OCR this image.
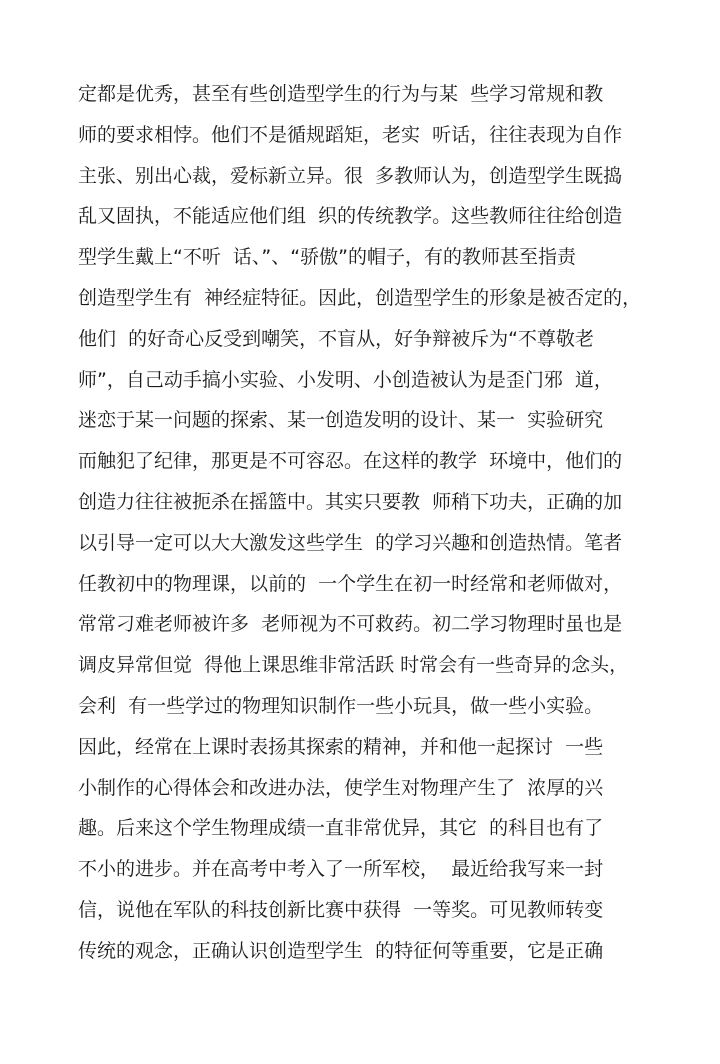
定都是优秀，甚至有些创造型学生的行为与某  些学习常规和教
师的要求相悖。他们不是循规蹈矩，老实  听话，往往表现为自作
主张、别出心裁，爱标新立异。很  多教师认为，创造型学生既捣
乱又固执，不能适应他们组  织的传统教学。这些教师往往给创造
型学生戴上“不听  话、”、“骄傲”的帽子，有的教师甚至指责
创造型学生有  神经症特征。因此，创造型学生的形象是被否定的，
他们  的好奇心反受到嘲笑，不盲从，好争辩被斥为“不尊敬老
师”，自己动手搞小实验、小发明、小创造被认为是歪门邪  道，
迷恋于某一问题的探索、某一创造发明的设计、某一  实验研究
而触犯了纪律，那更是不可容忍。在这样的教学  环境中，他们的
创造力往往被扼杀在摇篮中。其实只要教  师稍下功夫，正确的加
以引导一定可以大大激发这些学生  的学习兴趣和创造热情。笔者
任教初中的物理课，以前的  一个学生在初一时经常和老师做对，
常常刁难老师被许多  老师视为不可救药。初二学习物理时虽也是
调皮异常但觉  得他上课思维非常活跃 时常会有一些奇异的念头，
会利  有一些学过的物理知识制作一些小玩具，做一些小实验。
因此，经常在上课时表扬其探索的精神，并和他一起探讨  一些
小制作的心得体会和改进办法，使学生对物理产生了  浓厚的兴
趣。后来这个学生物理成绩一直非常优异，其它  的科目也有了
不小的进步。并在高考中考入了一所军校，  最近给我写来一封
信，说他在军队的科技创新比赛中获得  一等奖。可见教师转变
传统的观念，正确认识创造型学生  的特征何等重要，它是正确
